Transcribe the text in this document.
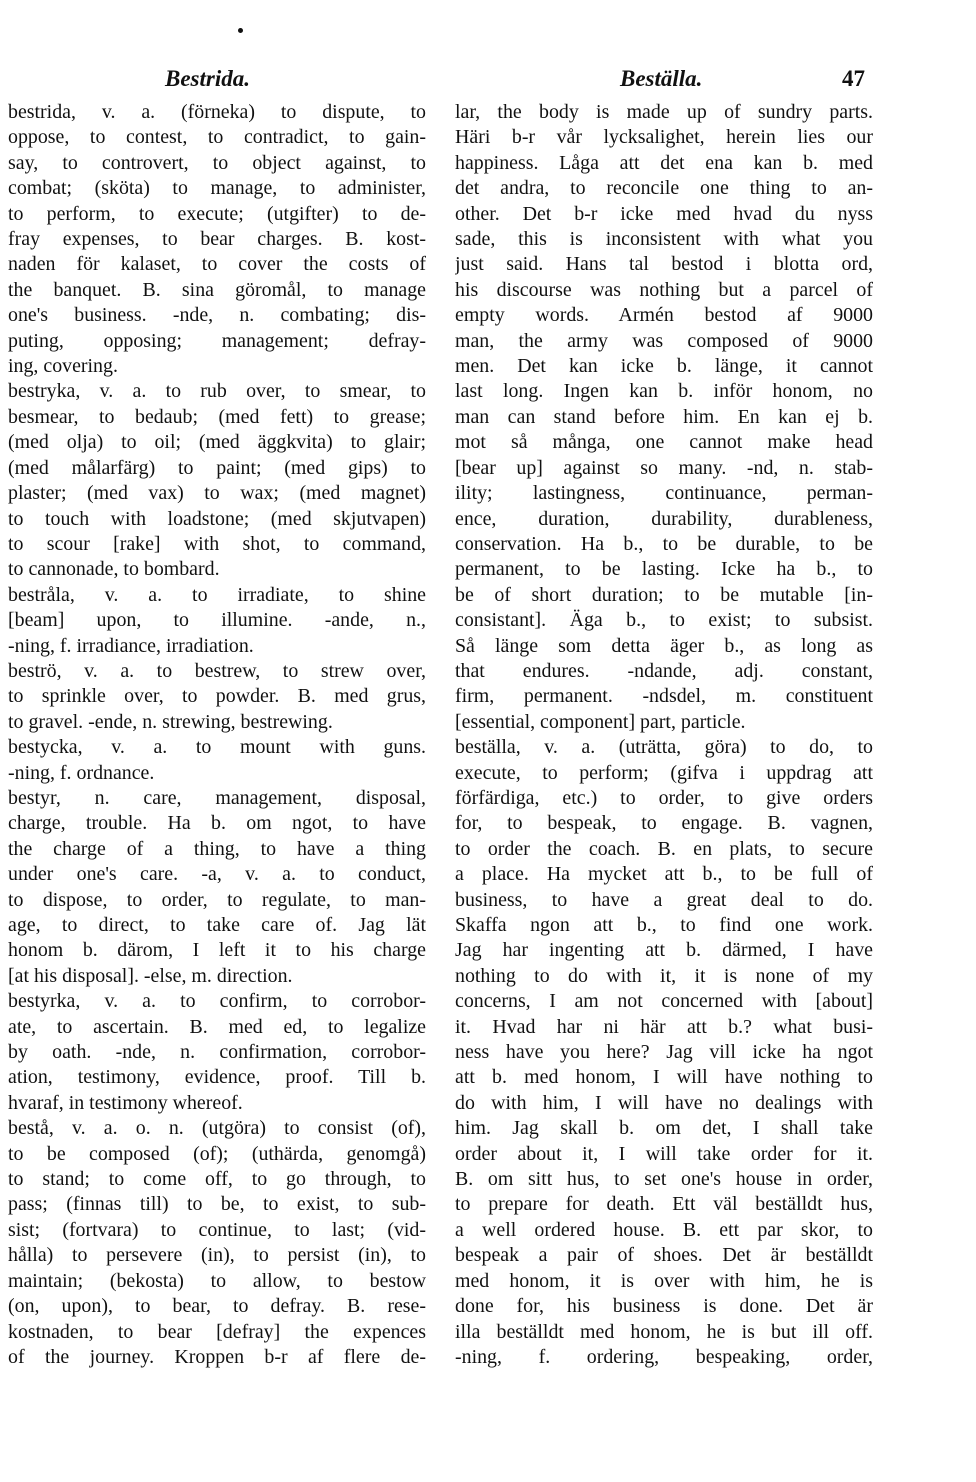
Bestrida.	Beställa.	47
bestrida, v. a. (förneka) to dispute, to
oppose, to contest, to contradict, to gain-
say, to controvert, to object against, to
combat; (sköta) to manage, to administer,
to perform, to execute; (utgifter) to de-
fray expenses, to bear charges. B. kost-
naden för kalaset, to cover the costs of
the banquet. B. sina göromål, to manage
one's business. -nde, n. combating; dis-
puting, opposing; management; defray-
ing, covering.
bestryka, v. a. to rub over, to smear, to
besmear, to bedaub; (med fett) to grease;
(med olja) to oil; (med äggkvita) to glair;
(med målarfärg) to paint; (med gips) to
plaster; (med vax) to wax; (med magnet)
to touch with loadstone; (med skjutvapen)
to scour [rake] with shot, to command,
to cannonade, to bombard.
bestråla, v. a. to irradiate, to shine
[beam] upon, to illumine. -ande, n.,
-ning, f. irradiance, irradiation.
beströ, v. a. to bestrew, to strew over,
to sprinkle over, to powder. B. med grus,
to gravel. -ende, n. strewing, bestrewing.
bestycka, v. a. to mount with guns.
-ning, f. ordnance.
bestyr, n. care, management, disposal,
charge, trouble. Ha b. om ngot, to have
the charge of a thing, to have a thing
under one's care. -a, v. a. to conduct,
to dispose, to order, to regulate, to man-
age, to direct, to take care of. Jag lät
honom b. därom, I left it to his charge
[at his disposal]. -else, m. direction.
bestyrka, v. a. to confirm, to corrobor-
ate, to ascertain. B. med ed, to legalize
by oath. -nde, n. confirmation, corrobor-
ation, testimony, evidence, proof. Till b.
hvaraf, in testimony whereof.
bestå, v. a. o. n. (utgöra) to consist (of),
to be composed (of); (uthärda, genomgå)
to stand; to come off, to go through, to
pass; (finnas till) to be, to exist, to sub-
sist; (fortvara) to continue, to last; (vid-
hålla) to persevere (in), to persist (in), to
maintain; (bekosta) to allow, to bestow
(on, upon), to bear, to defray. B. rese-
kostnaden, to bear [defray] the expences
of the journey. Kroppen b-r af flere de-
lar, the body is made up of sundry parts.
Häri b-r vår lycksalighet, herein lies our
happiness. Låga att det ena kan b. med
det andra, to reconcile one thing to an-
other. Det b-r icke med hvad du nyss
sade, this is inconsistent with what you
just said. Hans tal bestod i blotta ord,
his discourse was nothing but a parcel of
empty words. Armén bestod af 9000
man, the army was composed of 9000
men. Det kan icke b. länge, it cannot
last long. Ingen kan b. inför honom, no
man can stand before him. En kan ej b.
mot så många, one cannot make head
[bear up] against so many. -nd, n. stab-
ility; lastingness, continuance, perman-
ence, duration, durability, durableness,
conservation. Ha b., to be durable, to be
permanent, to be lasting. Icke ha b., to
be of short duration; to be mutable [in-
consistant]. Äga b., to exist; to subsist.
Så länge som detta äger b., as long as
that endures. -ndande, adj. constant,
firm, permanent. -ndsdel, m. constituent
[essential, component] part, particle.
beställa, v. a. (uträtta, göra) to do, to
execute, to perform; (gifva i uppdrag att
förfärdiga, etc.) to order, to give orders
for, to bespeak, to engage. B. vagnen,
to order the coach. B. en plats, to secure
a place. Ha mycket att b., to be full of
business, to have a great deal to do.
Skaffa ngon att b., to find one work.
Jag har ingenting att b. därmed, I have
nothing to do with it, it is none of my
concerns, I am not concerned with [about]
it. Hvad har ni här att b.? what busi-
ness have you here? Jag vill icke ha ngot
att b. med honom, I will have nothing to
do with him, I will have no dealings with
him. Jag skall b. om det, I shall take
order about it, I will take order for it.
B. om sitt hus, to set one's house in order,
to prepare for death. Ett väl beställdt hus,
a well ordered house. B. ett par skor, to
bespeak a pair of shoes. Det är beställdt
med honom, it is over with him, he is
done for, his business is done. Det är
illa beställdt med honom, he is but ill off.
-ning, f. ordering, bespeaking, order,
